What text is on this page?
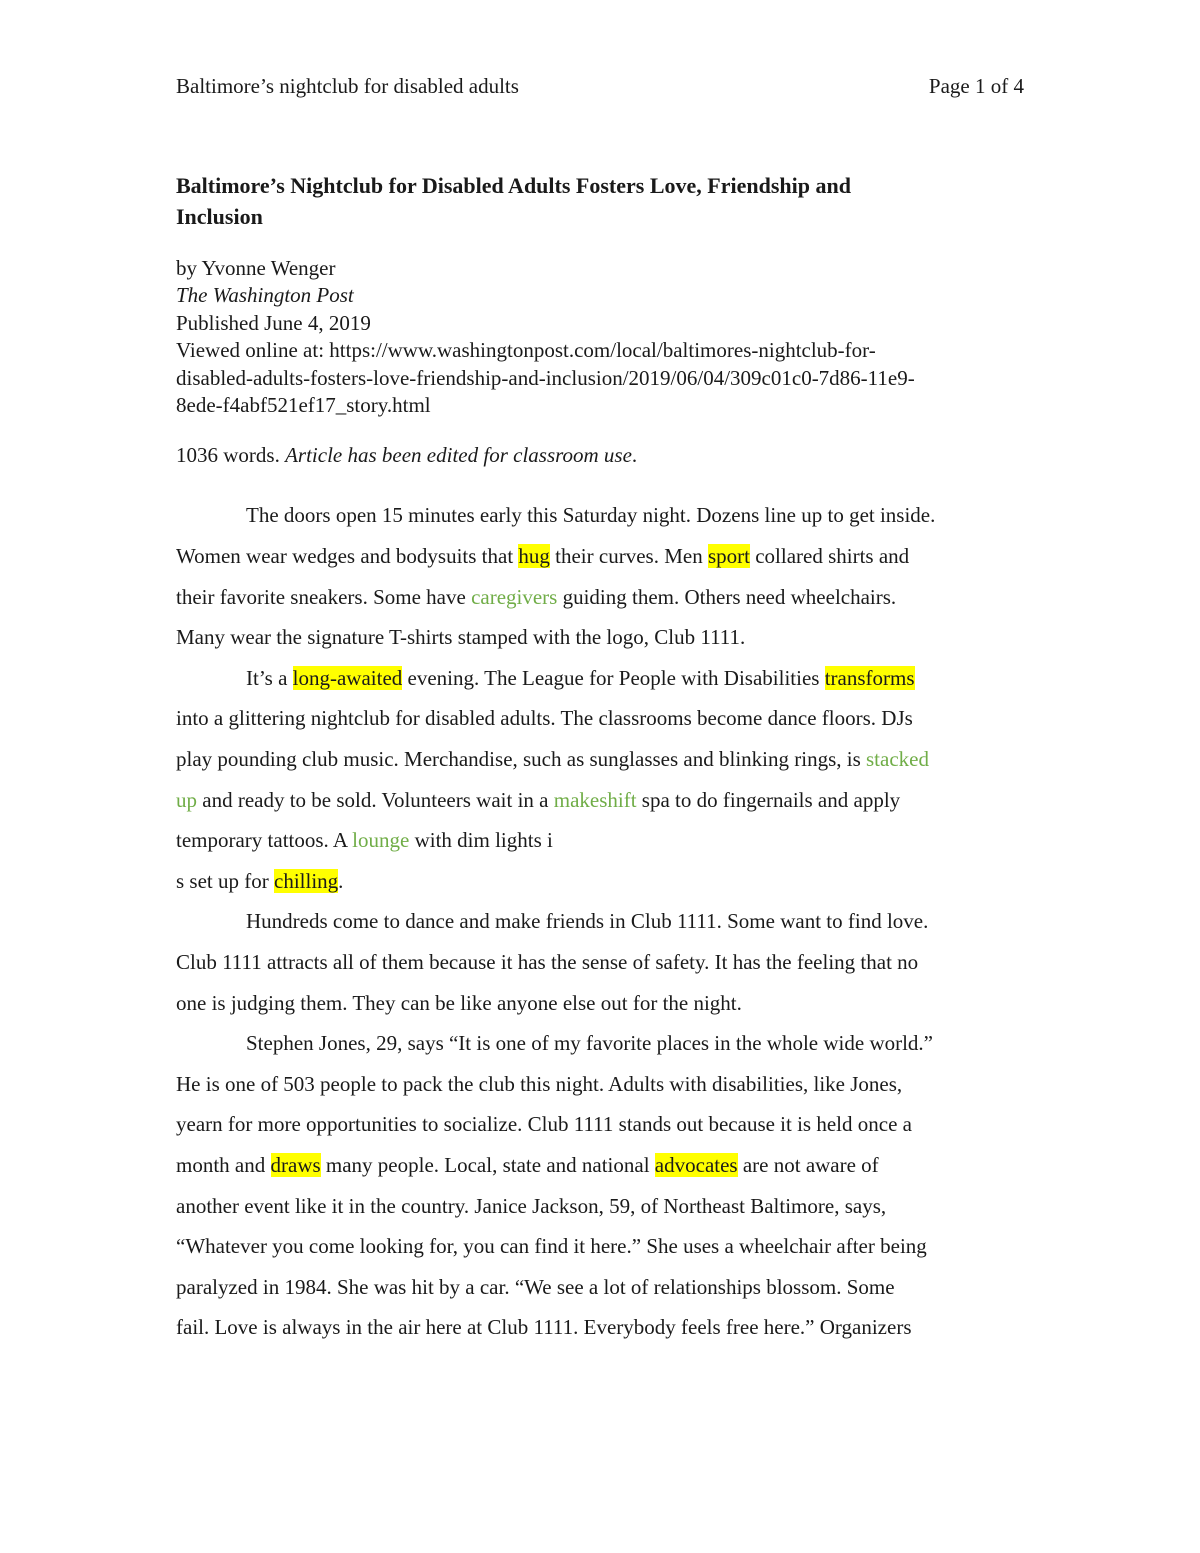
Baltimore’s nightclub for disabled adults	Page 1 of 4
Baltimore’s Nightclub for Disabled Adults Fosters Love, Friendship and
Inclusion
by Yvonne Wenger
The Washington Post
Published June 4, 2019
Viewed online at: https://www.washingtonpost.com/local/baltimores-nightclub-for-
disabled-adults-fosters-love-friendship-and-inclusion/2019/06/04/309c01c0-7d86-11e9-
8ede-f4abf521ef17_story.html
1036 words. Article has been edited for classroom use.
The doors open 15 minutes early this Saturday night. Dozens line up to get inside.
Women wear wedges and bodysuits that hug their curves. Men sport collared shirts and
their favorite sneakers. Some have caregivers guiding them. Others need wheelchairs.
Many wear the signature T-shirts stamped with the logo, Club 1111.
It’s a long-awaited evening. The League for People with Disabilities transforms
into a glittering nightclub for disabled adults. The classrooms become dance floors. DJs
play pounding club music. Merchandise, such as sunglasses and blinking rings, is stacked
up and ready to be sold. Volunteers wait in a makeshift spa to do fingernails and apply
temporary tattoos. A lounge with dim lights i
s set up for chilling.
Hundreds come to dance and make friends in Club 1111. Some want to find love.
Club 1111 attracts all of them because it has the sense of safety. It has the feeling that no
one is judging them. They can be like anyone else out for the night.
Stephen Jones, 29, says “It is one of my favorite places in the whole wide world.”
He is one of 503 people to pack the club this night. Adults with disabilities, like Jones,
yearn for more opportunities to socialize. Club 1111 stands out because it is held once a
month and draws many people. Local, state and national advocates are not aware of
another event like it in the country. Janice Jackson, 59, of Northeast Baltimore, says,
“Whatever you come looking for, you can find it here.” She uses a wheelchair after being
paralyzed in 1984. She was hit by a car. “We see a lot of relationships blossom. Some
fail. Love is always in the air here at Club 1111. Everybody feels free here.” Organizers
